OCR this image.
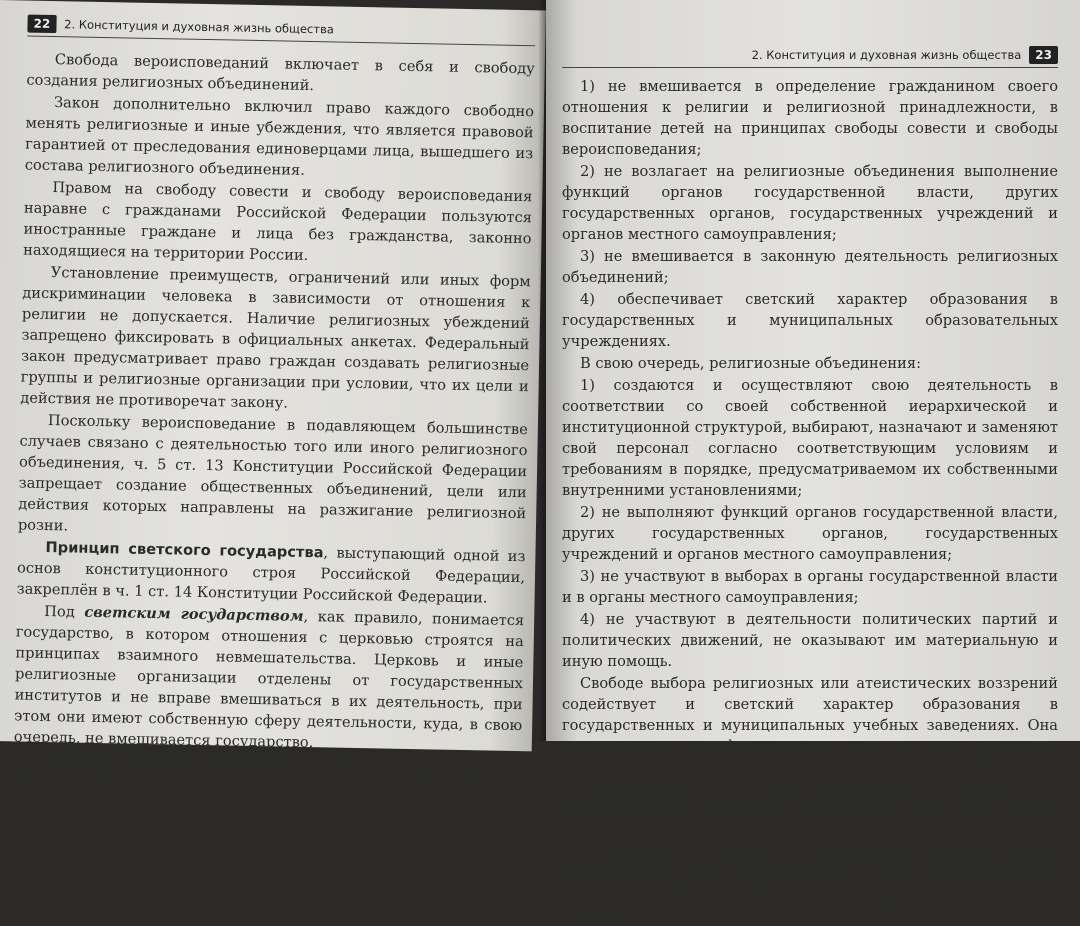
22	2. Конституция и духовная жизнь общества

Свобода вероисповеданий включает в себя и свободу создания религиозных объединений.

Закон дополнительно включил право каждого свободно менять религиозные и иные убеждения, что является правовой гарантией от преследования единоверцами лица, вышедшего из состава религиозного объединения.

Правом на свободу совести и свободу вероисповедания наравне с гражданами Российской Федерации пользуются иностранные граждане и лица без гражданства, законно находящиеся на территории России.

Установление преимуществ, ограничений или иных форм дискриминации человека в зависимости от отношения к религии не допускается. Наличие религиозных убеждений запрещено фиксировать в официальных анкетах. Федеральный закон предусматривает право граждан создавать религиозные группы и религиозные организации при условии, что их цели и действия не противоречат закону.

Поскольку вероисповедание в подавляющем большинстве случаев связано с деятельностью того или иного религиозного объединения, ч. 5 ст. 13 Конституции Российской Федерации запрещает создание общественных объединений, цели или действия которых направлены на разжигание религиозной розни.

Принцип светского государства, выступающий одной из основ конституционного строя Российской Федерации, закреплён в ч. 1 ст. 14 Конституции Российской Федерации.

Под светским государством, как правило, понимается государство, в котором отношения с церковью строятся на принципах взаимного невмешательства. Церковь и иные религиозные организации отделены от государственных институтов и не вправе вмешиваться в их деятельность, при этом они имеют собственную сферу деятельности, куда, в свою очередь, не вмешивается государство.

Светский характер российского государства проявляется в том, что оно:

2. Конституция и духовная жизнь общества	23

1) не вмешивается в определение гражданином своего отношения к религии и религиозной принадлежности, в воспитание детей на принципах свободы совести и свободы вероисповедания;

2) не возлагает на религиозные объединения выполнение функций органов государственной власти, других государственных органов, государственных учреждений и органов местного самоуправления;

3) не вмешивается в законную деятельность религиозных объединений;

4) обеспечивает светский характер образования в государственных и муниципальных образовательных учреждениях.

В свою очередь, религиозные объединения:

1) создаются и осуществляют свою деятельность в соответствии со своей собственной иерархической и институционной структурой, выбирают, назначают и заменяют свой персонал согласно соответствующим условиям и требованиям в порядке, предусматриваемом их собственными внутренними установлениями;

2) не выполняют функций органов государственной власти, других государственных органов, государственных учреждений и органов местного самоуправления;

3) не участвуют в выборах в органы государственной власти и в органы местного самоуправления;

4) не участвуют в деятельности политических партий и политических движений, не оказывают им материальную и иную помощь.

Свободе выбора религиозных или атеистических воззрений содействует и светский характер образования в государственных и муниципальных учебных заведениях. Она не преследует цели формирования того или иного отношения человека к религии. Преподавание вероучений может осуществляться в негосударственных учебных и воспитательных заведениях, частным образом на дому или при религиозных объединениях.

Государство и церковь в отечественной истории имеют многовековой, очень разнообразный и, порой, противоречивый опыт взаимодействия. Поэтому реализация рассматриваемого консти-
